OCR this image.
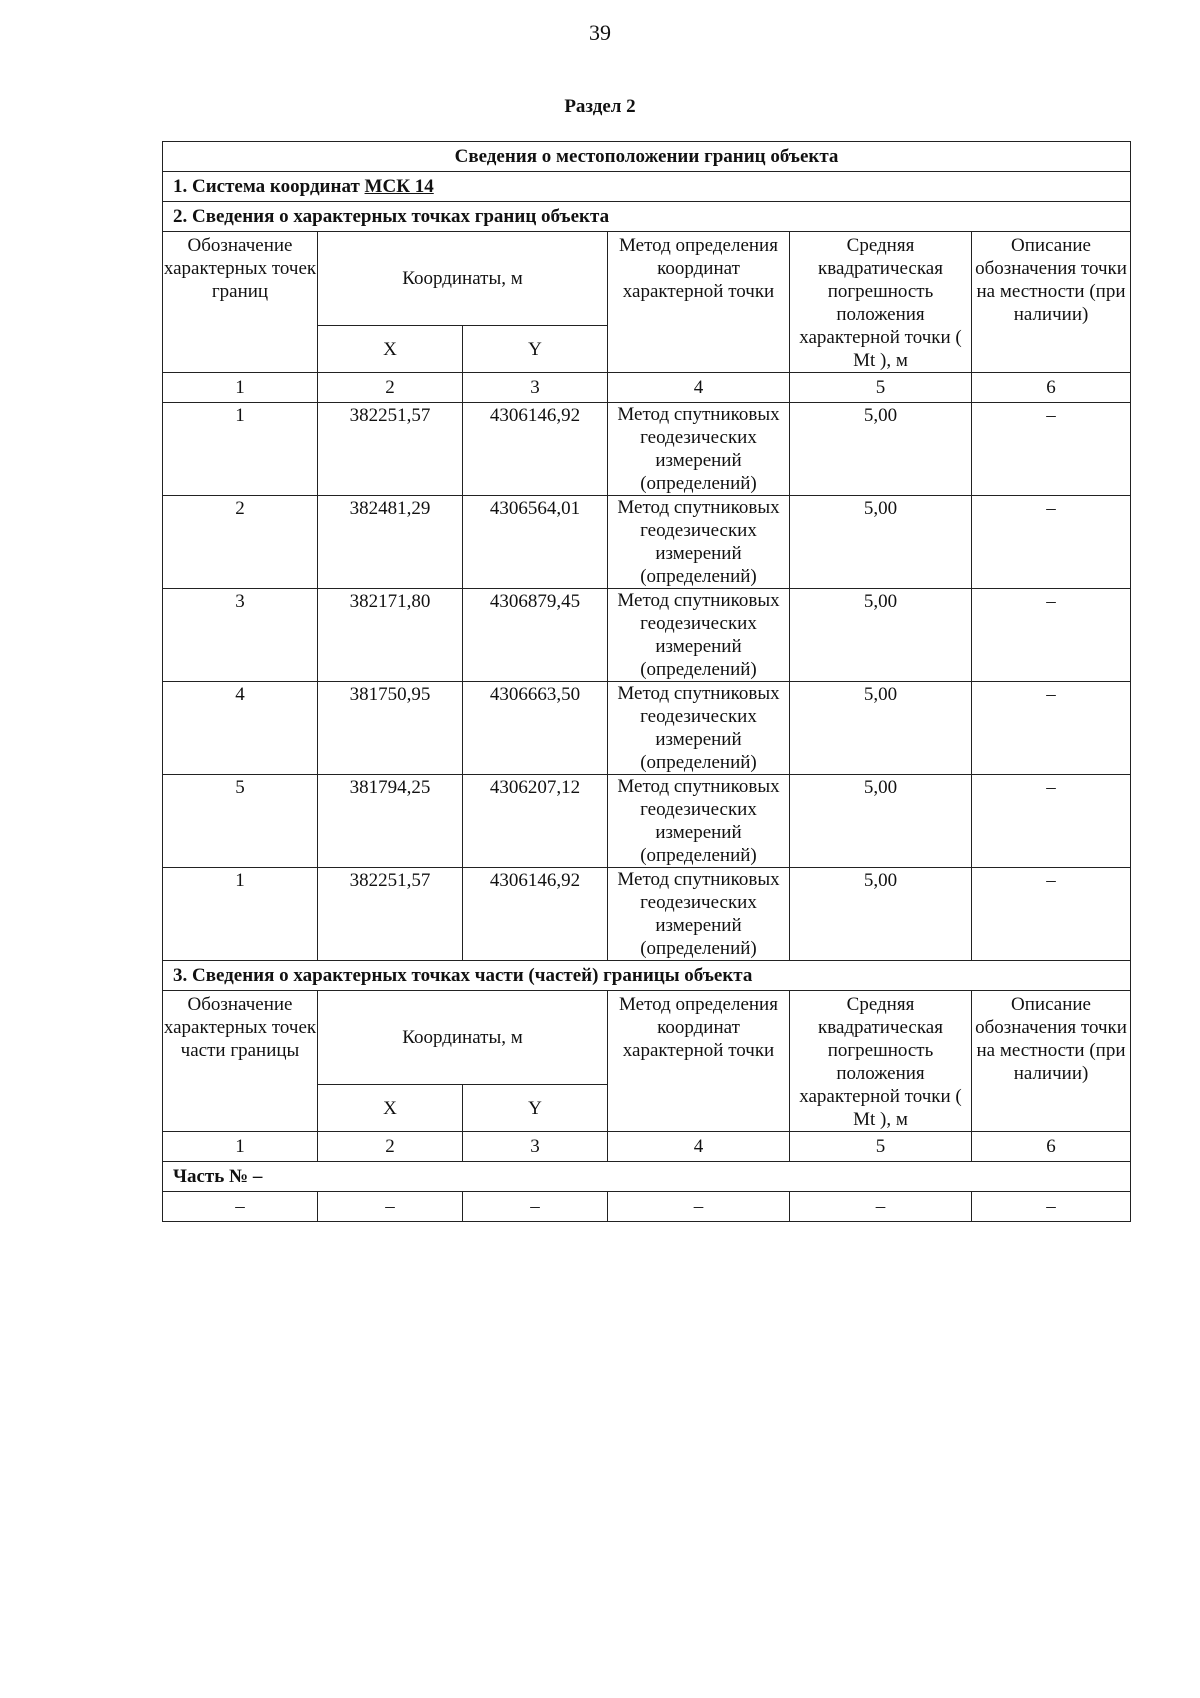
39
Раздел 2
Сведения о местоположении границ объекта					
1. Система координат МСК 14					
2. Сведения о характерных точках границ объекта					
Обозначение характерных точек границ	Координаты, м		Метод определения координат характерной точки	Средняя квадратическая погрешность положения характерной точки ( Mt ), м	Описание обозначения точки на местности (при наличии)
	X	Y			
1	2	3	4	5	6
1	382251,57	4306146,92	Метод спутниковых геодезических измерений (определений)	5,00	–
2	382481,29	4306564,01	Метод спутниковых геодезических измерений (определений)	5,00	–
3	382171,80	4306879,45	Метод спутниковых геодезических измерений (определений)	5,00	–
4	381750,95	4306663,50	Метод спутниковых геодезических измерений (определений)	5,00	–
5	381794,25	4306207,12	Метод спутниковых геодезических измерений (определений)	5,00	–
1	382251,57	4306146,92	Метод спутниковых геодезических измерений (определений)	5,00	–
3. Сведения о характерных точках части (частей) границы объекта					
Обозначение характерных точек части границы	Координаты, м		Метод определения координат характерной точки	Средняя квадратическая погрешность положения характерной точки ( Mt ), м	Описание обозначения точки на местности (при наличии)
	X	Y			
1	2	3	4	5	6
Часть № –					
–	–	–	–	–	–
